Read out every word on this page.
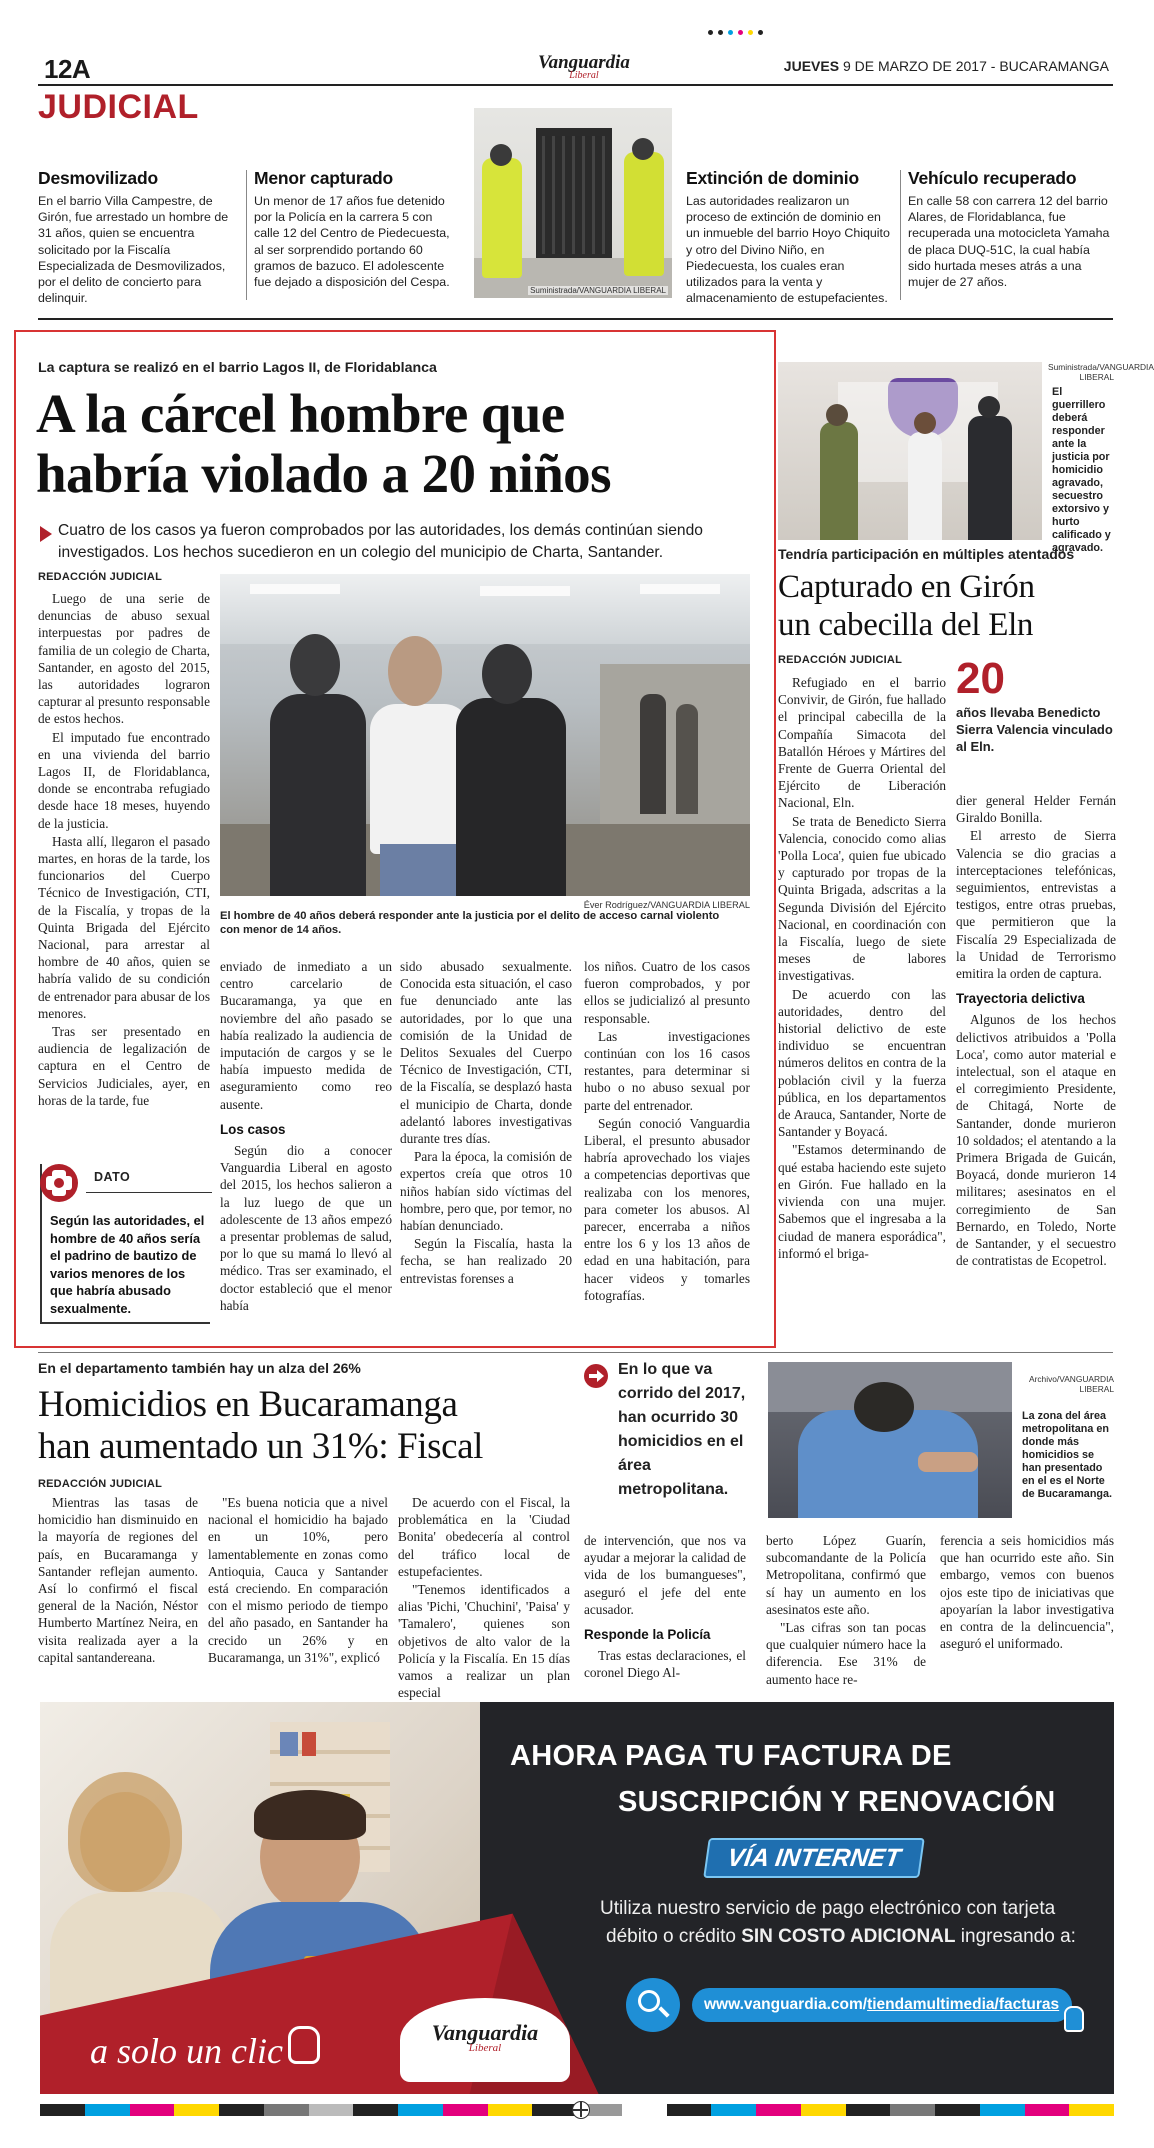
12A	Vanguardia
Liberal
JUEVES 9 DE MARZO DE 2017 - BUCARAMANGA
JUDICIAL
Desmovilizado
En el barrio Villa Campestre, de Girón, fue arrestado un hombre de 31 años, quien se encuentra solicitado por la Fiscalía Especializada de Desmovilizados, por el delito de concierto para delinquir.
Menor capturado
Un menor de 17 años fue detenido por la Policía en la carrera 5 con calle 12 del Centro de Piedecuesta, al ser sorprendido portando 60 gramos de bazuco. El adolescente fue dejado a disposición del Cespa.
Suministrada/VANGUARDIA LIBERAL
Extinción de dominio
Las autoridades realizaron un proceso de extinción de dominio en un inmueble del barrio Hoyo Chiquito y otro del Divino Niño, en Piedecuesta, los cuales eran utilizados para la venta y almacenamiento de estupefacientes.
Vehículo recuperado
En calle 58 con carrera 12 del barrio Alares, de Floridablanca, fue recuperada una motocicleta Yamaha de placa DUQ-51C, la cual había sido hurtada meses atrás a una mujer de 27 años.
La captura se realizó en el barrio Lagos II, de Floridablanca
A la cárcel hombre que
habría violado a 20 niños
Cuatro de los casos ya fueron comprobados por las autoridades, los demás continúan siendo investigados. Los hechos sucedieron en un colegio del municipio de Charta, Santander.
REDACCIÓN JUDICIAL
Éver Rodríguez/VANGUARDIA LIBERAL
El hombre de 40 años deberá responder ante la justicia por el delito de acceso carnal violento con menor de 14 años.

Luego de una serie de denuncias de abuso sexual interpuestas por padres de familia de un colegio de Charta, Santander, en agosto del 2015, las autoridades lograron capturar al presunto responsable de estos hechos.

El imputado fue encontrado en una vivienda del barrio Lagos II, de Floridablanca, donde se encontraba refugiado desde hace 18 meses, huyendo de la justicia.

Hasta allí, llegaron el pasado martes, en horas de la tarde, los funcionarios del Cuerpo Técnico de Investigación, CTI, de la Fiscalía, y tropas de la Quinta Brigada del Ejército Nacional, para arrestar al hombre de 40 años, quien se habría valido de su condición de entrenador para abusar de los menores.

Tras ser presentado en audiencia de legalización de captura en el Centro de Servicios Judiciales, ayer, en horas de la tarde, fue

DATO
Según las autoridades, el hombre de 40 años sería el padrino de bautizo de varios menores de los que habría abusado sexualmente.

enviado de inmediato a un centro carcelario de Bucaramanga, ya que en noviembre del año pasado se había realizado la audiencia de imputación de cargos y se le había impuesto medida de aseguramiento como reo ausente.

Los casos

Según dio a conocer Vanguardia Liberal en agosto del 2015, los hechos salieron a la luz luego de que un adolescente de 13 años empezó a presentar problemas de salud, por lo que su mamá lo llevó al médico. Tras ser examinado, el doctor estableció que el menor había

sido abusado sexualmente. Conocida esta situación, el caso fue denunciado ante las autoridades, por lo que una comisión de la Unidad de Delitos Sexuales del Cuerpo Técnico de Investigación, CTI, de la Fiscalía, se desplazó hasta el municipio de Charta, donde adelantó labores investigativas durante tres días.

Para la época, la comisión de expertos creía que otros 10 niños habían sido víctimas del hombre, pero que, por temor, no habían denunciado.

Según la Fiscalía, hasta la fecha, se han realizado 20 entrevistas forenses a

los niños. Cuatro de los casos fueron comprobados, y por ellos se judicializó al presunto responsable.

Las investigaciones continúan con los 16 casos restantes, para determinar si hubo o no abuso sexual por parte del entrenador.

Según conoció Vanguardia Liberal, el presunto abusador habría aprovechado los viajes a competencias deportivas que realizaba con los menores, para cometer los abusos. Al parecer, encerraba a niños entre los 6 y los 13 años de edad en una habitación, para hacer videos y tomarles fotografías.

Suministrada/VANGUARDIA LIBERAL
El guerrillero deberá responder ante la justicia por homicidio agravado, secuestro extorsivo y hurto calificado y agravado.
Tendría participación en múltiples atentados
Capturado en Girón
un cabecilla del Eln
REDACCIÓN JUDICIAL 20
años llevaba Benedicto Sierra Valencia vinculado al Eln.

Refugiado en el barrio Convivir, de Girón, fue hallado el principal cabecilla de la Compañía Simacota del Batallón Héroes y Mártires del Frente de Guerra Oriental del Ejército de Liberación Nacional, Eln.

Se trata de Benedicto Sierra Valencia, conocido como alias 'Polla Loca', quien fue ubicado y capturado por tropas de la Quinta Brigada, adscritas a la Segunda División del Ejército Nacional, en coordinación con la Fiscalía, luego de siete meses de labores investigativas.

De acuerdo con las autoridades, dentro del historial delictivo de este individuo se encuentran números delitos en contra de la población civil y la fuerza pública, en los departamentos de Arauca, Santander, Norte de Santander y Boyacá.

"Estamos determinando de qué estaba haciendo este sujeto en Girón. Fue hallado en la vivienda con una mujer. Sabemos que el ingresaba a la ciudad de manera esporádica", informó el briga-

dier general Helder Fernán Giraldo Bonilla.

El arresto de Sierra Valencia se dio gracias a interceptaciones telefónicas, seguimientos, entrevistas a testigos, entre otras pruebas, que permitieron que la Fiscalía 29 Especializada de la Unidad de Terrorismo emitira la orden de captura.

Trayectoria delictiva

Algunos de los hechos delictivos atribuidos a 'Polla Loca', como autor material e intelectual, son el ataque en el corregimiento Presidente, de Chitagá, Norte de Santander, donde murieron 10 soldados; el atentando a la Primera Brigada de Guicán, Boyacá, donde murieron 14 militares; asesinatos en el corregimiento de San Bernardo, en Toledo, Norte de Santander, y el secuestro de contratistas de Ecopetrol.

En el departamento también hay un alza del 26%
Homicidios en Bucaramanga
han aumentado un 31%: Fiscal
REDACCIÓN JUDICIAL
En lo que va corrido del 2017, han ocurrido 30 homicidios en el área metropolitana.
Archivo/VANGUARDIA LIBERAL
La zona del área metropolitana en donde más homicidios se han presentado en el es el Norte de Bucaramanga.

Mientras las tasas de homicidio han disminuido en la mayoría de regiones del país, en Bucaramanga y Santander reflejan aumento. Así lo confirmó el fiscal general de la Nación, Néstor Humberto Martínez Neira, en visita realizada ayer a la capital santandereana.

"Es buena noticia que a nivel nacional el homicidio ha bajado en un 10%, pero lamentablemente en zonas como Antioquia, Cauca y Santander está creciendo. En comparación con el mismo periodo de tiempo del año pasado, en Santander ha crecido un 26% y en Bucaramanga, un 31%", explicó

De acuerdo con el Fiscal, la problemática en la 'Ciudad Bonita' obedecería al control del tráfico local de estupefacientes.

"Tenemos identificados a alias 'Pichi, 'Chuchini', 'Paisa' y 'Tamalero', quienes son objetivos de alto valor de la Policía y la Fiscalía. En 15 días vamos a realizar un plan especial

de intervención, que nos va ayudar a mejorar la calidad de vida de los bumangueses", aseguró el jefe del ente acusador.

Responde la Policía

Tras estas declaraciones, el coronel Diego Al-

berto López Guarín, subcomandante de la Policía Metropolitana, confirmó que sí hay un aumento en los asesinatos este año.

"Las cifras son tan pocas que cualquier número hace la diferencia. Ese 31% de aumento hace re-

ferencia a seis homicidios más que han ocurrido este año. Sin embargo, vemos con buenos ojos este tipo de iniciativas que apoyarían la labor investigativa en contra de la delincuencia", aseguró el uniformado.

a solo un clic	Vanguardia
Liberal
AHORA PAGA TU FACTURA DE
SUSCRIPCIÓN Y RENOVACIÓN
VÍA INTERNET
Utiliza nuestro servicio de pago electrónico con tarjeta
débito o crédito SIN COSTO ADICIONAL ingresando a:
www.vanguardia.com/tiendamultimedia/facturas
